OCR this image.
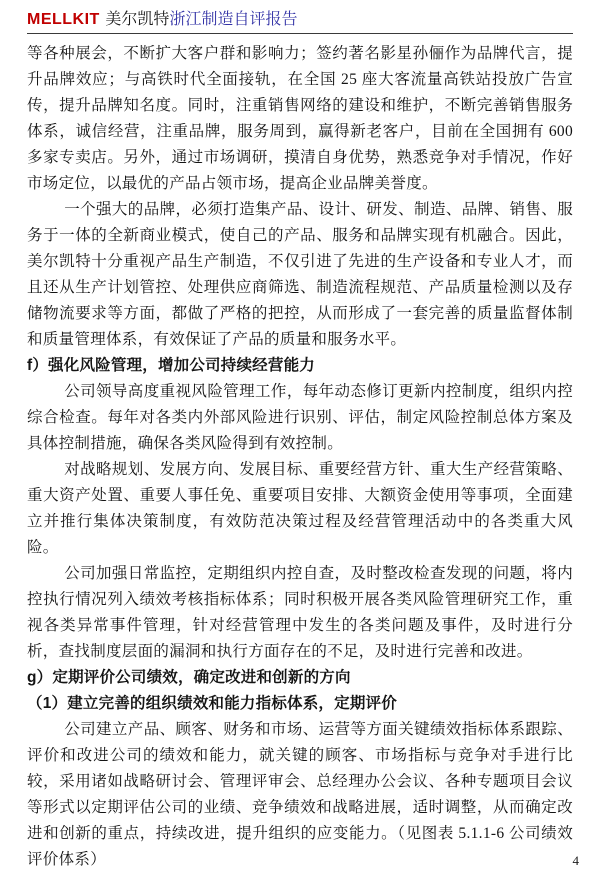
MELLKIT 美尔凯特 浙江制造自评报告

等各种展会，不断扩大客户群和影响力；签约著名影星孙俪作为品牌代言，提升品牌效应；与高铁时代全面接轨，在全国 25 座大客流量高铁站投放广告宣传，提升品牌知名度。同时，注重销售网络的建设和维护，不断完善销售服务体系，诚信经营，注重品牌，服务周到，赢得新老客户，目前在全国拥有 600 多家专卖店。另外，通过市场调研，摸清自身优势，熟悉竞争对手情况，作好市场定位，以最优的产品占领市场，提高企业品牌美誉度。

一个强大的品牌，必须打造集产品、设计、研发、制造、品牌、销售、服务于一体的全新商业模式，使自己的产品、服务和品牌实现有机融合。因此，美尔凯特十分重视产品生产制造，不仅引进了先进的生产设备和专业人才，而且还从生产计划管控、处理供应商筛选、制造流程规范、产品质量检测以及存储物流要求等方面，都做了严格的把控，从而形成了一套完善的质量监督体制和质量管理体系，有效保证了产品的质量和服务水平。

f）强化风险管理，增加公司持续经营能力

公司领导高度重视风险管理工作，每年动态修订更新内控制度，组织内控综合检查。每年对各类内外部风险进行识别、评估，制定风险控制总体方案及具体控制措施，确保各类风险得到有效控制。

对战略规划、发展方向、发展目标、重要经营方针、重大生产经营策略、重大资产处置、重要人事任免、重要项目安排、大额资金使用等事项，全面建立并推行集体决策制度，有效防范决策过程及经营管理活动中的各类重大风险。

公司加强日常监控，定期组织内控自查，及时整改检查发现的问题，将内控执行情况列入绩效考核指标体系；同时积极开展各类风险管理研究工作，重视各类异常事件管理，针对经营管理中发生的各类问题及事件，及时进行分析，查找制度层面的漏洞和执行方面存在的不足，及时进行完善和改进。

g）定期评价公司绩效，确定改进和创新的方向

（1）建立完善的组织绩效和能力指标体系，定期评价

公司建立产品、顾客、财务和市场、运营等方面关键绩效指标体系跟踪、评价和改进公司的绩效和能力，就关键的顾客、市场指标与竞争对手进行比较，采用诸如战略研讨会、管理评审会、总经理办公会议、各种专题项目会议等形式以定期评估公司的业绩、竞争绩效和战略进展，适时调整，从而确定改进和创新的重点，持续改进，提升组织的应变能力。（见图表 5.1.1-6 公司绩效评价体系）	4
